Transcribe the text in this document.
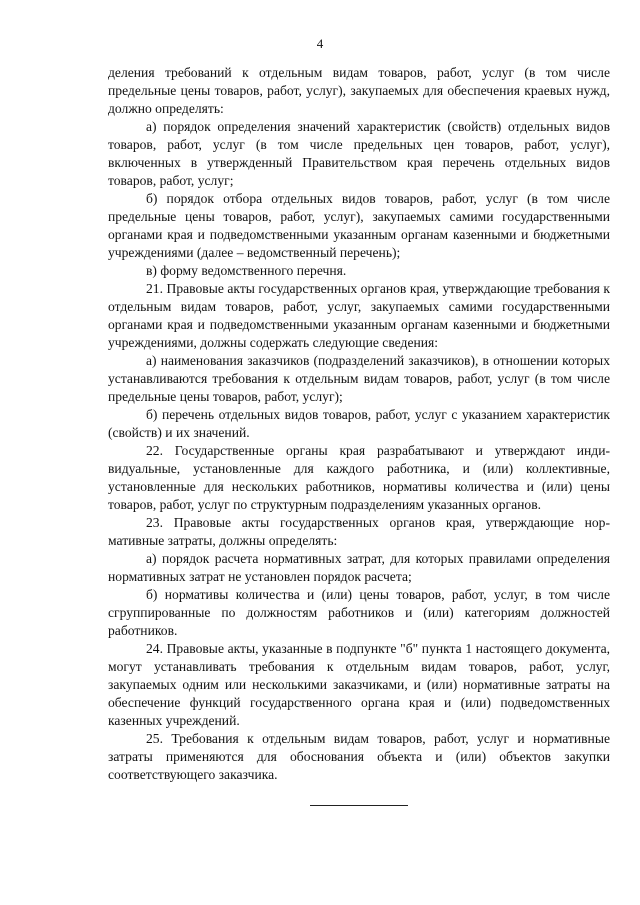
4

деления требований к отдельным видам товаров, работ, услуг (в том числе предельные цены товаров, работ, услуг), закупаемых для обеспечения краевых нужд, должно определять:

а) порядок определения значений характеристик (свойств) отдельных видов товаров, работ, услуг (в том числе предельных цен товаров, работ, услуг), включенных в утвержденный Правительством края перечень отдельных видов товаров, работ, услуг;

б) порядок отбора отдельных видов товаров, работ, услуг (в том числе предельные цены товаров, работ, услуг), закупаемых самими государственными органами края и подведомственными указанным органам казенными и бюджетными учреждениями (далее – ведомственный перечень);

в) форму ведомственного перечня.

21. Правовые акты государственных органов края, утверждающие требования к отдельным видам товаров, работ, услуг, закупаемых самими государственными органами края и подведомственными указанным органам казенными и бюджетными учреждениями, должны содержать следующие сведения:

а) наименования заказчиков (подразделений заказчиков), в отношении которых устанавливаются требования к отдельным видам товаров, работ, услуг (в том числе предельные цены товаров, работ, услуг);

б) перечень отдельных видов товаров, работ, услуг с указанием характеристик (свойств) и их значений.

22. Государственные органы края разрабатывают и утверждают индивидуальные, установленные для каждого работника, и (или) коллективные, установленные для нескольких работников, нормативы количества и (или) цены товаров, работ, услуг по структурным подразделениям указанных органов.

23. Правовые акты государственных органов края, утверждающие нормативные затраты, должны определять:

а) порядок расчета нормативных затрат, для которых правилами определения нормативных затрат не установлен порядок расчета;

б) нормативы количества и (или) цены товаров, работ, услуг, в том числе сгруппированные по должностям работников и (или) категориям должностей работников.

24. Правовые акты, указанные в подпункте "б" пункта 1 настоящего документа, могут устанавливать требования к отдельным видам товаров, работ, услуг, закупаемых одним или несколькими заказчиками, и (или) нормативные затраты на обеспечение функций государственного органа края и (или) подведомственных казенных учреждений.

25. Требования к отдельным видам товаров, работ, услуг и нормативные затраты применяются для обоснования объекта и (или) объектов закупки соответствующего заказчика.
